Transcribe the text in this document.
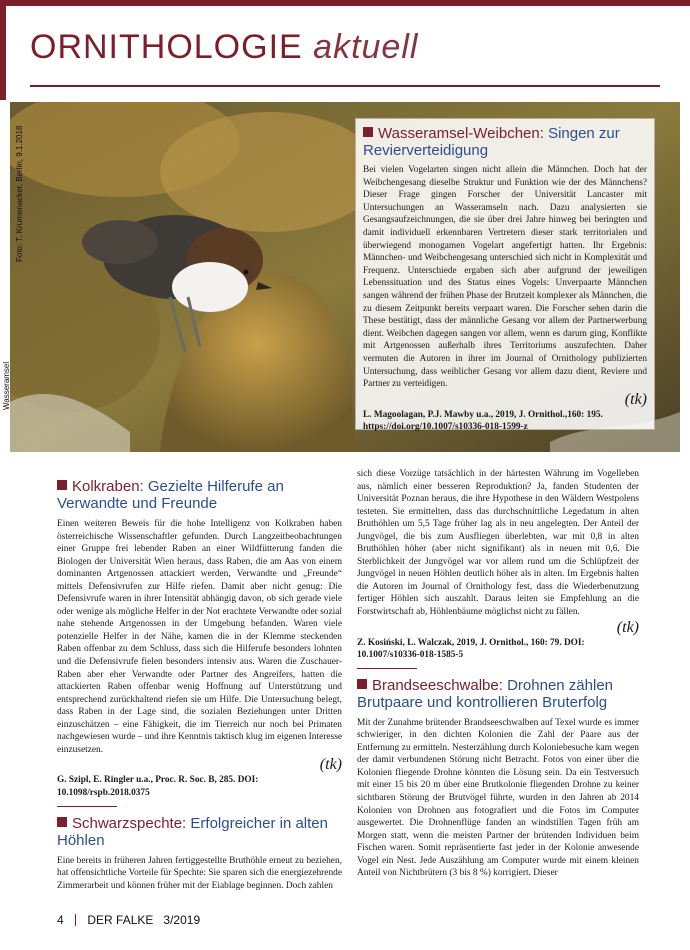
ORNITHOLOGIE aktuell
Foto: T. Krumenacker, Berlin, 9.1.2018
Wasseramsel
Wasseramsel-Weibchen: Singen zur Revierverteidigung
Bei vielen Vogelarten singen nicht allein die Männchen. Doch hat der Weibchengesang dieselbe Struktur und Funktion wie der des Männchens? Dieser Frage gingen Forscher der Universität Lancaster mit Untersuchungen an Wasseramseln nach. Dazu analysierten sie Gesangsaufzeichnungen, die sie über drei Jahre hinweg bei beringten und damit individuell erkennbaren Vertretern dieser stark territorialen und überwiegend monogamen Vogelart angefertigt hatten. Ihr Ergebnis: Männchen- und Weibchengesang unterschied sich nicht in Komplexität und Frequenz. Unterschiede ergaben sich aber aufgrund der jeweiligen Lebenssituation und des Status eines Vogels: Unverpaarte Männchen sangen während der frühen Phase der Brutzeit komplexer als Männchen, die zu diesem Zeitpunkt bereits verpaart waren. Die Forscher sehen darin die These bestätigt, dass der männliche Gesang vor allem der Partnerwerbung dient. Weibchen dagegen sangen vor allem, wenn es darum ging, Konflikte mit Artgenossen außerhalb ihres Territoriums auszufechten. Daher vermuten die Autoren in ihrer im Journal of Ornithology publizierten Untersuchung, dass weiblicher Gesang vor allem dazu dient, Reviere und Partner zu verteidigen.
(tk)
L. Magoolagan, P.J. Mawby u.a., 2019, J. Ornithol.,160: 195. https://doi.org/10.1007/s10336-018-1599-z
Kolkraben: Gezielte Hilferufe an Verwandte und Freunde
Einen weiteren Beweis für die hohe Intelligenz von Kolkraben haben österreichische Wissenschaftler gefunden. Durch Langzeitbeobachtungen einer Gruppe frei lebender Raben an einer Wildfütterung fanden die Biologen der Universität Wien heraus, dass Raben, die am Aas von einem dominanten Artgenossen attackiert werden, Verwandte und „Freunde“ mittels Defensivrufen zur Hilfe riefen. Damit aber nicht genug: Die Defensivrufe waren in ihrer Intensität abhängig davon, ob sich gerade viele oder wenige als mögliche Helfer in der Not erachtete Verwandte oder sozial nahe stehende Artgenossen in der Umgebung befanden. Waren viele potenzielle Helfer in der Nähe, kamen die in der Klemme steckenden Raben offenbar zu dem Schluss, dass sich die Hilferufe besonders lohnten und die Defensivrufe fielen besonders intensiv aus. Waren die Zuschauer-Raben aber eher Verwandte oder Partner des Angreifers, hatten die attackierten Raben offenbar wenig Hoffnung auf Unterstützung und entsprechend zurückhaltend riefen sie um Hilfe. Die Untersuchung belegt, dass Raben in der Lage sind, die sozialen Beziehungen unter Dritten einzuschätzen – eine Fähigkeit, die im Tierreich nur noch bei Primaten nachgewiesen wurde – und ihre Kenntnis taktisch klug im eigenen Interesse einzusetzen.
(tk)
G. Szipl, E. Ringler u.a., Proc. R. Soc. B, 285. DOI: 10.1098/rspb.2018.0375
Schwarzspechte: Erfolgreicher in alten Höhlen
Eine bereits in früheren Jahren fertiggestellte Bruthöhle erneut zu beziehen, hat offensichtliche Vorteile für Spechte: Sie sparen sich die energiezehrende Zimmerarbeit und können früher mit der Eiablage beginnen. Doch zahlen
sich diese Vorzüge tatsächlich in der härtesten Währung im Vogelleben aus, nämlich einer besseren Reproduktion? Ja, fanden Studenten der Universität Poznan heraus, die ihre Hypothese in den Wäldern Westpolens testeten. Sie ermittelten, dass das durchschnittliche Legedatum in alten Bruthöhlen um 5,5 Tage früher lag als in neu angelegten. Der Anteil der Jungvögel, die bis zum Ausfliegen überlebten, war mit 0,8 in alten Bruthöhlen höher (aber nicht signifikant) als in neuen mit 0,6. Die Sterblichkeit der Jungvögel war vor allem rund um die Schlüpfzeit der Jungvögel in neuen Höhlen deutlich höher als in alten. Im Ergebnis halten die Autoren im Journal of Ornithology fest, dass die Wiederbenutzung fertiger Höhlen sich auszahlt. Daraus leiten sie Empfehlung an die Forstwirtschaft ab, Höhlenbäume möglichst nicht zu fällen.
(tk)
Z. Kosiński, L. Walczak, 2019, J. Ornithol., 160: 79. DOI: 10.1007/s10336-018-1585-5
Brandseeschwalbe: Drohnen zählen Brutpaare und kontrollieren Bruterfolg
Mit der Zunahme brütender Brandseeschwalben auf Texel wurde es immer schwieriger, in den dichten Kolonien die Zahl der Paare aus der Entfernung zu ermitteln. Nesterzählung durch Koloniebesuche kam wegen der damit verbundenen Störung nicht Betracht. Fotos von einer über die Kolonien fliegende Drohne könnten die Lösung sein. Da ein Testversuch mit einer 15 bis 20 m über eine Brutkolonie fliegenden Drohne zu keiner sichtbaren Störung der Brutvögel führte, wurden in den Jahren ab 2014 Kolonien von Drohnen aus fotografiert und die Fotos im Computer ausgewertet. Die Drohnenflüge fanden an windstillen Tagen früh am Morgen statt, wenn die meisten Partner der brütenden Individuen beim Fischen waren. Somit repräsentierte fast jeder in der Kolonie anwesende Vogel ein Nest. Jede Auszählung am Computer wurde mit einem kleinen Anteil von Nichtbrütern (3 bis 8 %) korrigiert. Dieser
4 DER FALKE 3/2019
